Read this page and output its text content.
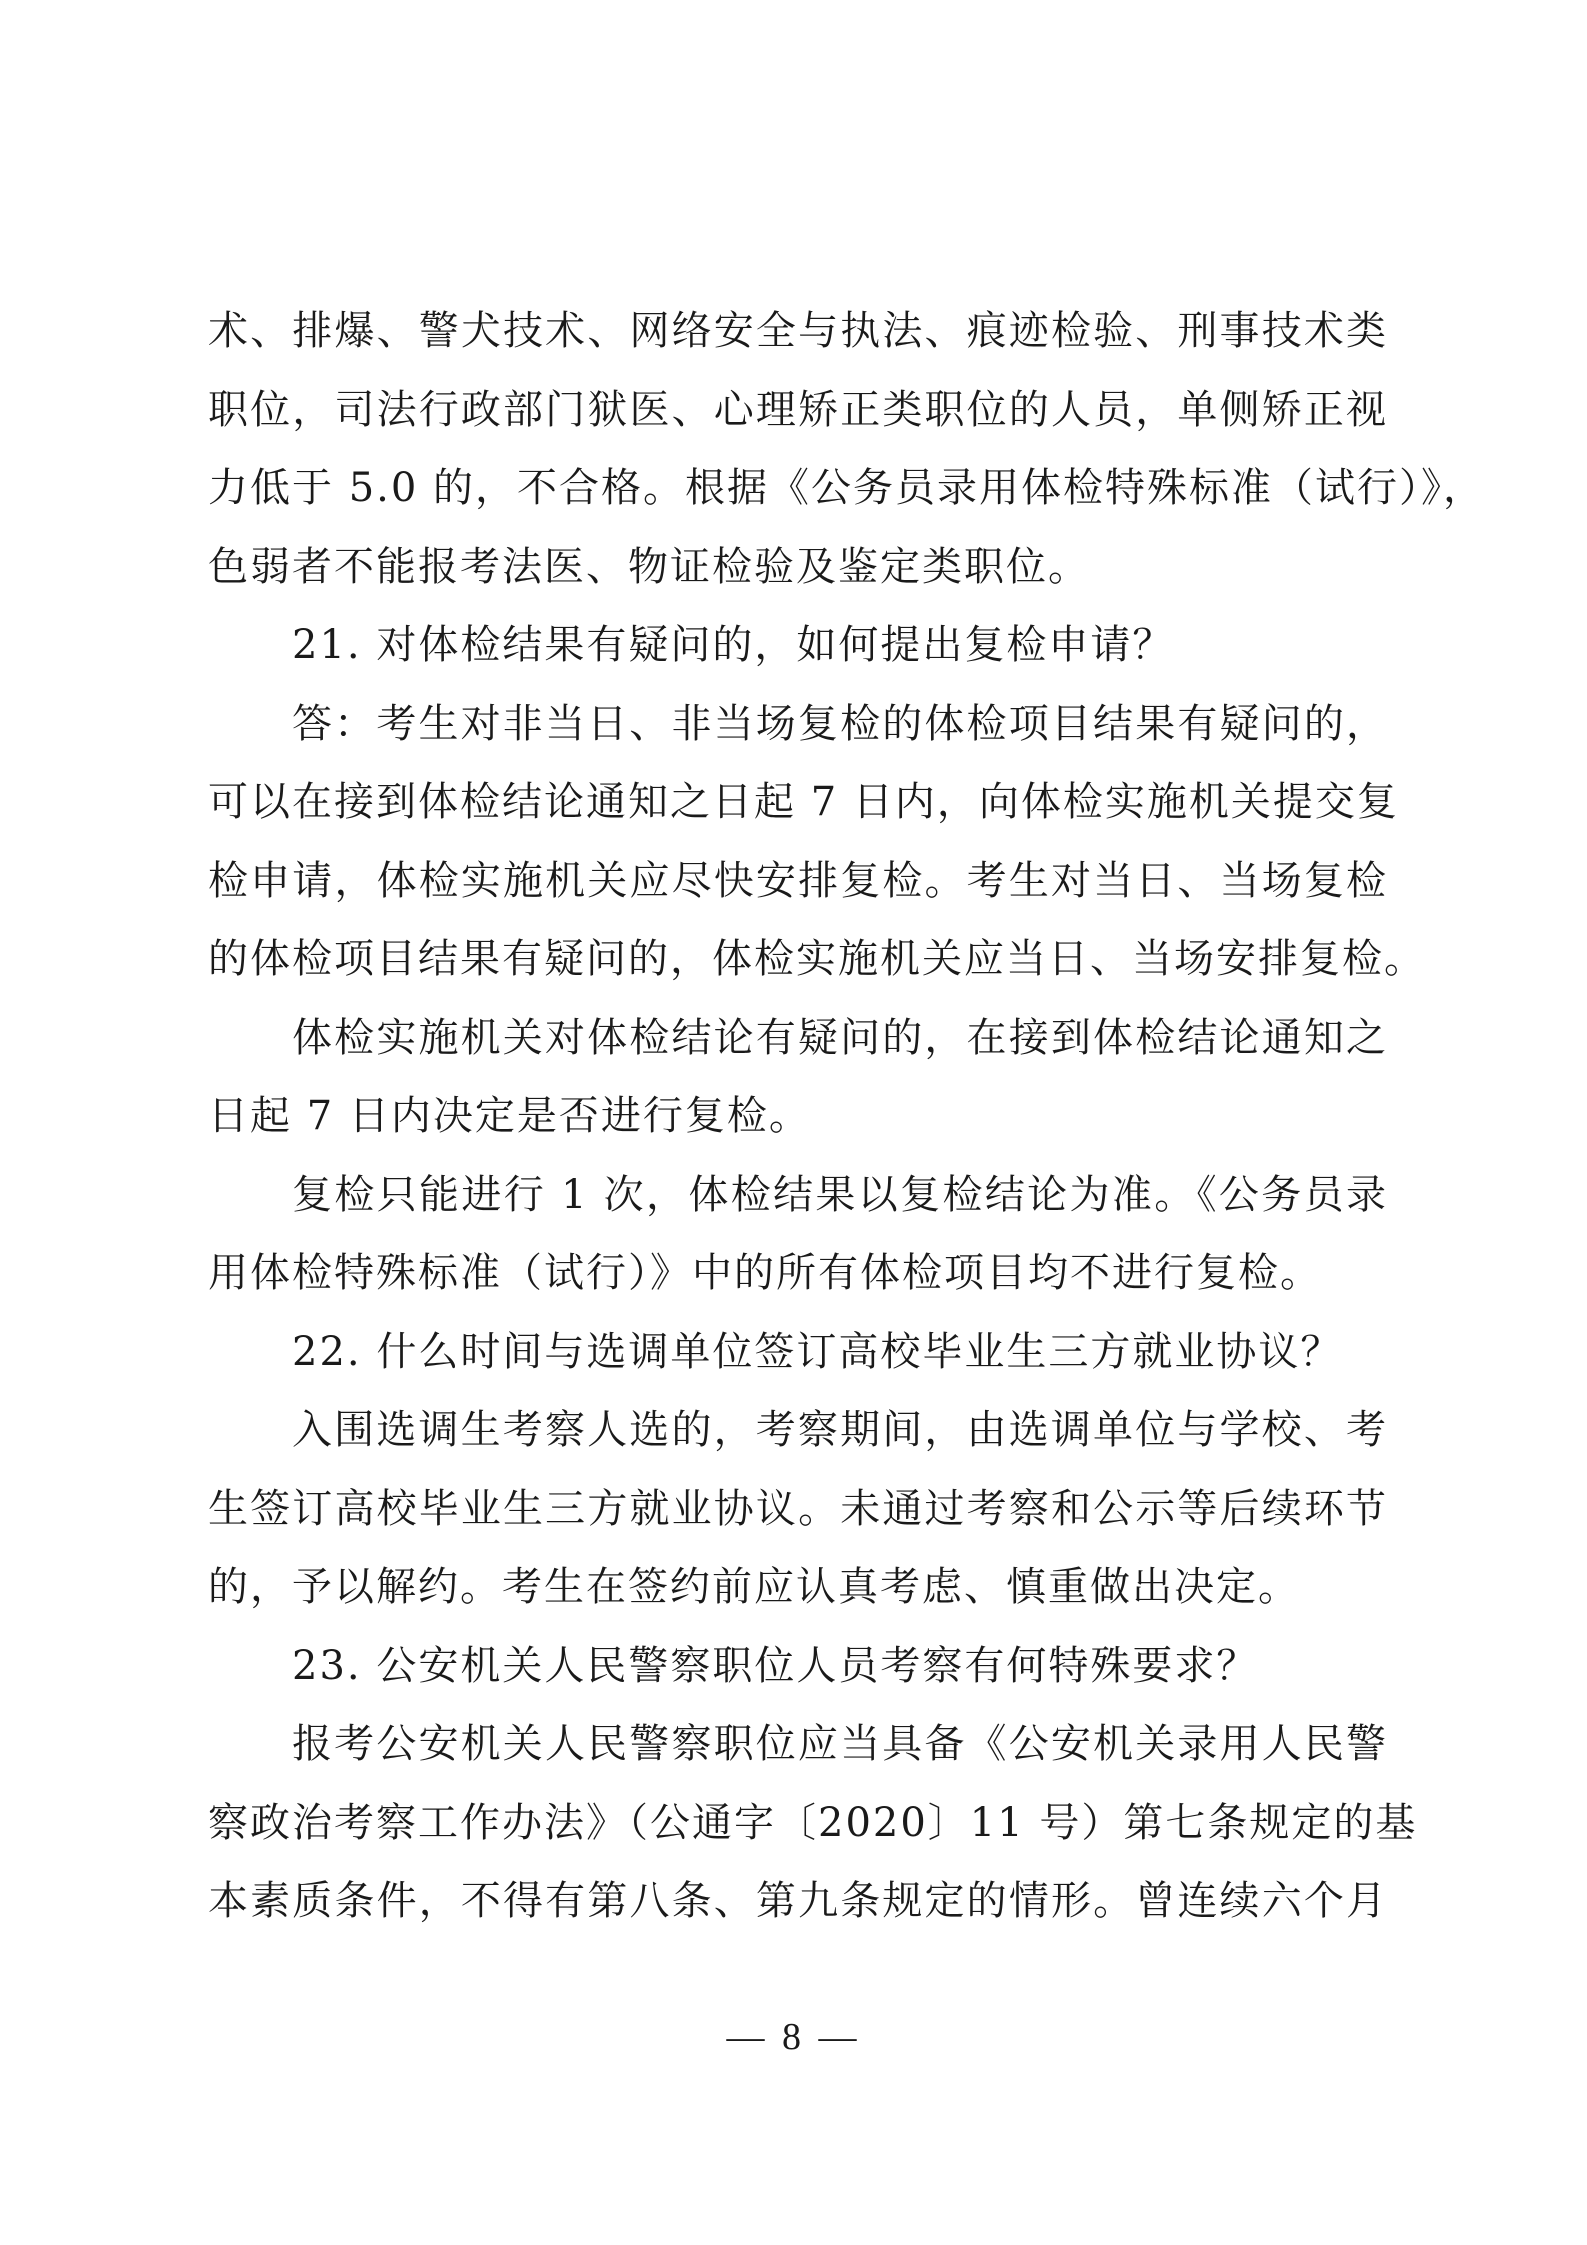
术、排爆、警犬技术、网络安全与执法、痕迹检验、刑事技术类
职位，司法行政部门狱医、心理矫正类职位的人员，单侧矫正视
力低于 5.0 的，不合格。根据《公务员录用体检特殊标准（试行）》，
色弱者不能报考法医、物证检验及鉴定类职位。
21. 对体检结果有疑问的，如何提出复检申请？
答：考生对非当日、非当场复检的体检项目结果有疑问的，
可以在接到体检结论通知之日起 7 日内，向体检实施机关提交复
检申请，体检实施机关应尽快安排复检。考生对当日、当场复检
的体检项目结果有疑问的，体检实施机关应当日、当场安排复检。
体检实施机关对体检结论有疑问的，在接到体检结论通知之
日起 7 日内决定是否进行复检。
复检只能进行 1 次，体检结果以复检结论为准。《公务员录
用体检特殊标准（试行）》中的所有体检项目均不进行复检。
22. 什么时间与选调单位签订高校毕业生三方就业协议？
入围选调生考察人选的，考察期间，由选调单位与学校、考
生签订高校毕业生三方就业协议。未通过考察和公示等后续环节
的，予以解约。考生在签约前应认真考虑、慎重做出决定。
23. 公安机关人民警察职位人员考察有何特殊要求？
报考公安机关人民警察职位应当具备《公安机关录用人民警
察政治考察工作办法》（公通字〔2020〕11 号）第七条规定的基
本素质条件，不得有第八条、第九条规定的情形。曾连续六个月
— 8 —
